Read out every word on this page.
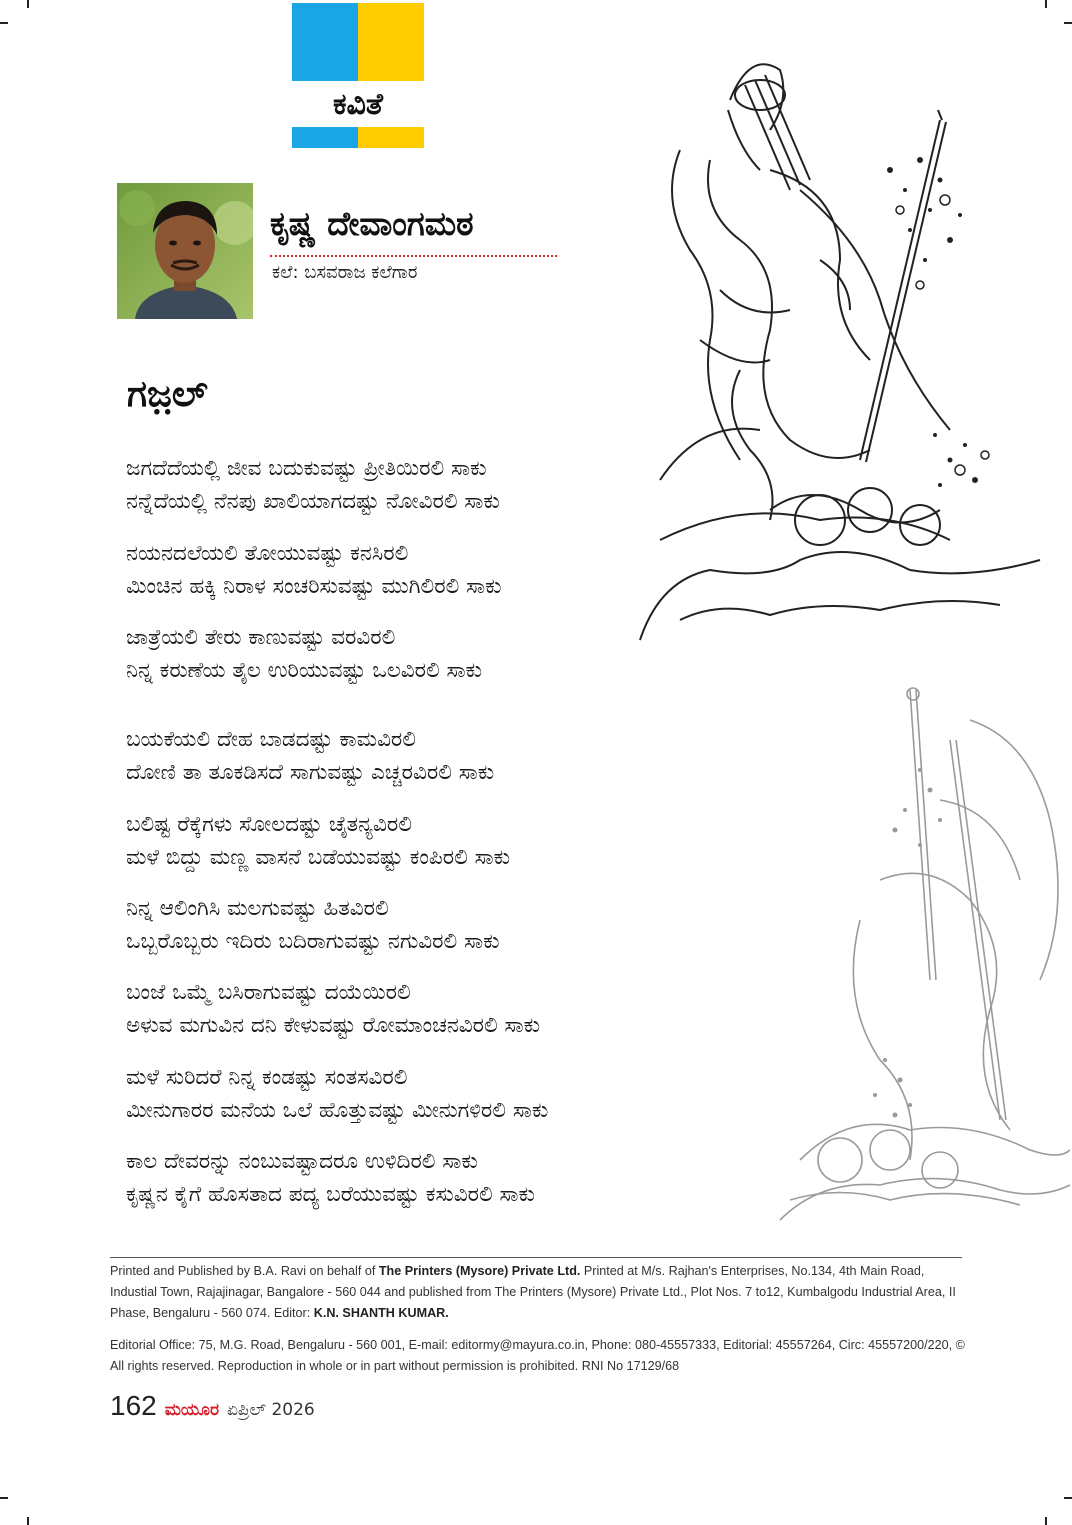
ಕವಿತೆ
ಕೃಷ್ಣ ದೇವಾಂಗಮಠ
ಕಲೆ: ಬಸವರಾಜ ಕಲೆಗಾರ
ಗಜ಼ಲ್
ಜಗದೆದೆಯಲ್ಲಿ ಜೀವ ಬದುಕುವಷ್ಟು ಪ್ರೀತಿಯಿರಲಿ ಸಾಕು
ನನ್ನೆದೆಯಲ್ಲಿ ನೆನಪು ಖಾಲಿಯಾಗದಷ್ಟು ನೋವಿರಲಿ ಸಾಕು
ನಯನದಲೆಯಲಿ ತೋಯುವಷ್ಟು ಕನಸಿರಲಿ
ಮಿಂಚಿನ ಹಕ್ಕಿ ನಿರಾಳ ಸಂಚರಿಸುವಷ್ಟು ಮುಗಿಲಿರಲಿ ಸಾಕು
ಜಾತ್ರೆಯಲಿ ತೇರು ಕಾಣುವಷ್ಟು ವರವಿರಲಿ
ನಿನ್ನ ಕರುಣೆಯ ತೈಲ ಉರಿಯುವಷ್ಟು ಒಲವಿರಲಿ ಸಾಕು
ಬಯಕೆಯಲಿ ದೇಹ ಬಾಡದಷ್ಟು ಕಾಮವಿರಲಿ
ದೋಣಿ ತಾ ತೂಕಡಿಸದೆ ಸಾಗುವಷ್ಟು ಎಚ್ಚರವಿರಲಿ ಸಾಕು
ಬಲಿಷ್ಟ ರೆಕ್ಕೆಗಳು ಸೋಲದಷ್ಟು ಚೈತನ್ಯವಿರಲಿ
ಮಳೆ ಬಿದ್ದು ಮಣ್ಣ ವಾಸನೆ ಬಡೆಯುವಷ್ಟು ಕಂಪಿರಲಿ ಸಾಕು
ನಿನ್ನ ಆಲಿಂಗಿಸಿ ಮಲಗುವಷ್ಟು ಹಿತವಿರಲಿ
ಒಬ್ಬರೊಬ್ಬರು ಇದಿರು ಬದಿರಾಗುವಷ್ಟು ನಗುವಿರಲಿ ಸಾಕು
ಬಂಜೆ ಒಮ್ಮೆ ಬಸಿರಾಗುವಷ್ಟು ದಯೆಯಿರಲಿ
ಅಳುವ ಮಗುವಿನ ದನಿ ಕೇಳುವಷ್ಟು ರೋಮಾಂಚನವಿರಲಿ ಸಾಕು
ಮಳೆ ಸುರಿದರೆ ನಿನ್ನ ಕಂಡಷ್ಟು ಸಂತಸವಿರಲಿ
ಮೀನುಗಾರರ ಮನೆಯ ಒಲೆ ಹೊತ್ತುವಷ್ಟು ಮೀನುಗಳಿರಲಿ ಸಾಕು
ಕಾಲ ದೇವರನ್ನು ನಂಬುವಷ್ಟಾದರೂ ಉಳಿದಿರಲಿ ಸಾಕು
ಕೃಷ್ಣನ ಕೈಗೆ ಹೊಸತಾದ ಪದ್ಯ ಬರೆಯುವಷ್ಟು ಕಸುವಿರಲಿ ಸಾಕು
Printed and Published by B.A. Ravi on behalf of The Printers (Mysore) Private Ltd. Printed at M/s. Rajhan's Enterprises, No.134, 4th Main Road, Industial Town, Rajajinagar, Bangalore - 560 044 and published from The Printers (Mysore) Private Ltd., Plot Nos. 7 to12, Kumbalgodu Industrial Area, II Phase, Bengaluru - 560 074. Editor: K.N. SHANTH KUMAR.
Editorial Office: 75, M.G. Road, Bengaluru - 560 001, E-mail: editormy@mayura.co.in, Phone: 080-45557333, Editorial: 45557264, Circ: 45557200/220, © All rights reserved. Reproduction in whole or in part without permission is prohibited. RNI No 17129/68
162 ಮಯೂರ ಏಪ್ರಿಲ್ 2026
